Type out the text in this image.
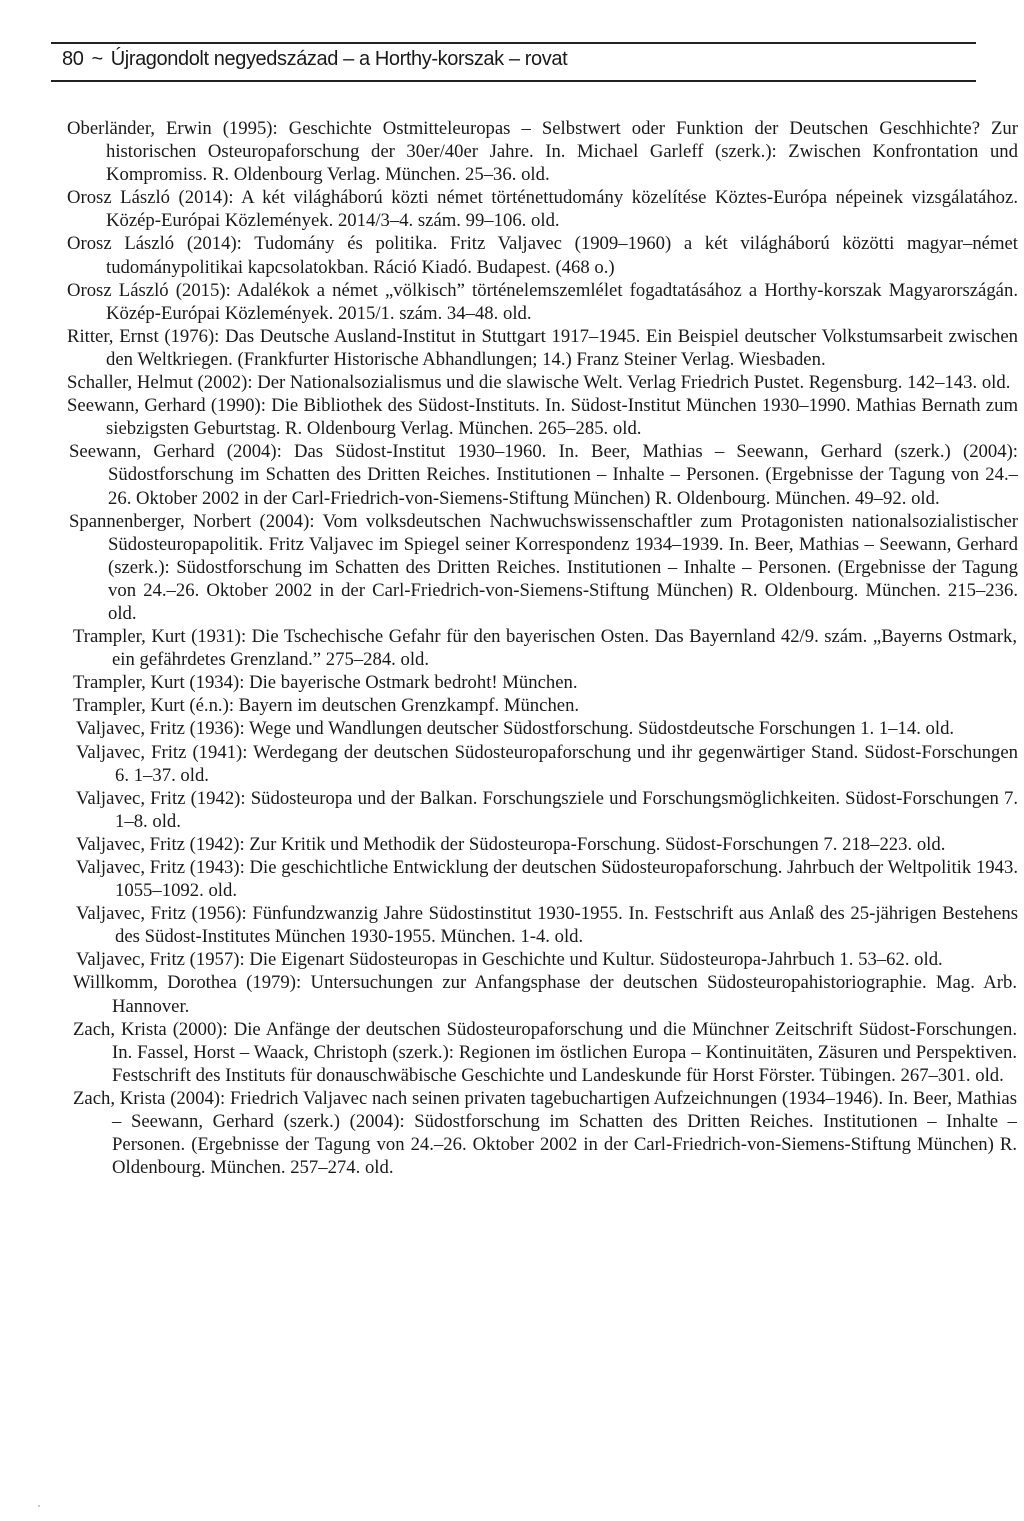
80 ~ Újragondolt negyedszázad – a Horthy-korszak – rovat

Oberländer, Erwin (1995): Geschichte Ostmitteleuropas – Selbstwert oder Funktion der Deutschen Geschhichte? Zur historischen Osteuropaforschung der 30er/40er Jahre. In. Michael Garleff (szerk.): Zwischen Konfrontation und Kompromiss. R. Oldenbourg Verlag. München. 25–36. old.

Orosz László (2014): A két világháború közti német történettudomány közelítése Köztes-Európa népeinek vizsgálatához. Közép-Európai Közlemények. 2014/3–4. szám. 99–106. old.

Orosz László (2014): Tudomány és politika. Fritz Valjavec (1909–1960) a két világháború közötti magyar–német tudománypolitikai kapcsolatokban. Ráció Kiadó. Budapest. (468 o.)

Orosz László (2015): Adalékok a német „völkisch” történelemszemlélet fogadtatásához a Horthy-korszak Magyarországán. Közép-Európai Közlemények. 2015/1. szám. 34–48. old.

Ritter, Ernst (1976): Das Deutsche Ausland-Institut in Stuttgart 1917–1945. Ein Beispiel deutscher Volkstumsarbeit zwischen den Weltkriegen. (Frankfurter Historische Abhandlungen; 14.) Franz Steiner Verlag. Wiesbaden.

Schaller, Helmut (2002): Der Nationalsozialismus und die slawische Welt. Verlag Friedrich Pustet. Regensburg. 142–143. old.

Seewann, Gerhard (1990): Die Bibliothek des Südost-Instituts. In. Südost-Institut München 1930–1990. Mathias Bernath zum siebzigsten Geburtstag. R. Oldenbourg Verlag. München. 265–285. old.

Seewann, Gerhard (2004): Das Südost-Institut 1930–1960. In. Beer, Mathias – Seewann, Gerhard (szerk.) (2004): Südostforschung im Schatten des Dritten Reiches. Institutionen – Inhalte – Personen. (Ergebnisse der Tagung von 24.–26. Oktober 2002 in der Carl-Friedrich-von-Siemens-Stiftung München) R. Oldenbourg. München. 49–92. old.

Spannenberger, Norbert (2004): Vom volksdeutschen Nachwuchswissenschaftler zum Protagonisten nationalsozialistischer Südosteuropapolitik. Fritz Valjavec im Spiegel seiner Korrespondenz 1934–1939. In. Beer, Mathias – Seewann, Gerhard (szerk.): Südostforschung im Schatten des Dritten Reiches. Institutionen – Inhalte – Personen. (Ergebnisse der Tagung von 24.–26. Oktober 2002 in der Carl-Friedrich-von-Siemens-Stiftung München) R. Oldenbourg. München. 215–236. old.

Trampler, Kurt (1931): Die Tschechische Gefahr für den bayerischen Osten. Das Bayernland 42/9. szám. „Bayerns Ostmark, ein gefährdetes Grenzland.” 275–284. old.

Trampler, Kurt (1934): Die bayerische Ostmark bedroht! München.

Trampler, Kurt (é.n.): Bayern im deutschen Grenzkampf. München.

Valjavec, Fritz (1936): Wege und Wandlungen deutscher Südostforschung. Südostdeutsche Forschungen 1. 1–14. old.

Valjavec, Fritz (1941): Werdegang der deutschen Südosteuropaforschung und ihr gegenwärtiger Stand. Südost-Forschungen 6. 1–37. old.

Valjavec, Fritz (1942): Südosteuropa und der Balkan. Forschungsziele und Forschungsmöglichkeiten. Südost-Forschungen 7. 1–8. old.

Valjavec, Fritz (1942): Zur Kritik und Methodik der Südosteuropa-Forschung. Südost-Forschungen 7. 218–223. old.

Valjavec, Fritz (1943): Die geschichtliche Entwicklung der deutschen Südosteuropaforschung. Jahrbuch der Weltpolitik 1943. 1055–1092. old.

Valjavec, Fritz (1956): Fünfundzwanzig Jahre Südostinstitut 1930-1955. In. Festschrift aus Anlaß des 25-jährigen Bestehens des Südost-Institutes München 1930-1955. München. 1-4. old.

Valjavec, Fritz (1957): Die Eigenart Südosteuropas in Geschichte und Kultur. Südosteuropa-Jahrbuch 1. 53–62. old.

Willkomm, Dorothea (1979): Untersuchungen zur Anfangsphase der deutschen Südosteuropahistoriographie. Mag. Arb. Hannover.

Zach, Krista (2000): Die Anfänge der deutschen Südosteuropaforschung und die Münchner Zeitschrift Südost-Forschungen. In. Fassel, Horst – Waack, Christoph (szerk.): Regionen im östlichen Europa – Kontinuitäten, Zäsuren und Perspektiven. Festschrift des Instituts für donauschwäbische Geschichte und Landeskunde für Horst Förster. Tübingen. 267–301. old.

Zach, Krista (2004): Friedrich Valjavec nach seinen privaten tagebuchartigen Aufzeichnungen (1934–1946). In. Beer, Mathias – Seewann, Gerhard (szerk.) (2004): Südostforschung im Schatten des Dritten Reiches. Institutionen – Inhalte – Personen. (Ergebnisse der Tagung von 24.–26. Oktober 2002 in der Carl-Friedrich-von-Siemens-Stiftung München) R. Oldenbourg. München. 257–274. old.
